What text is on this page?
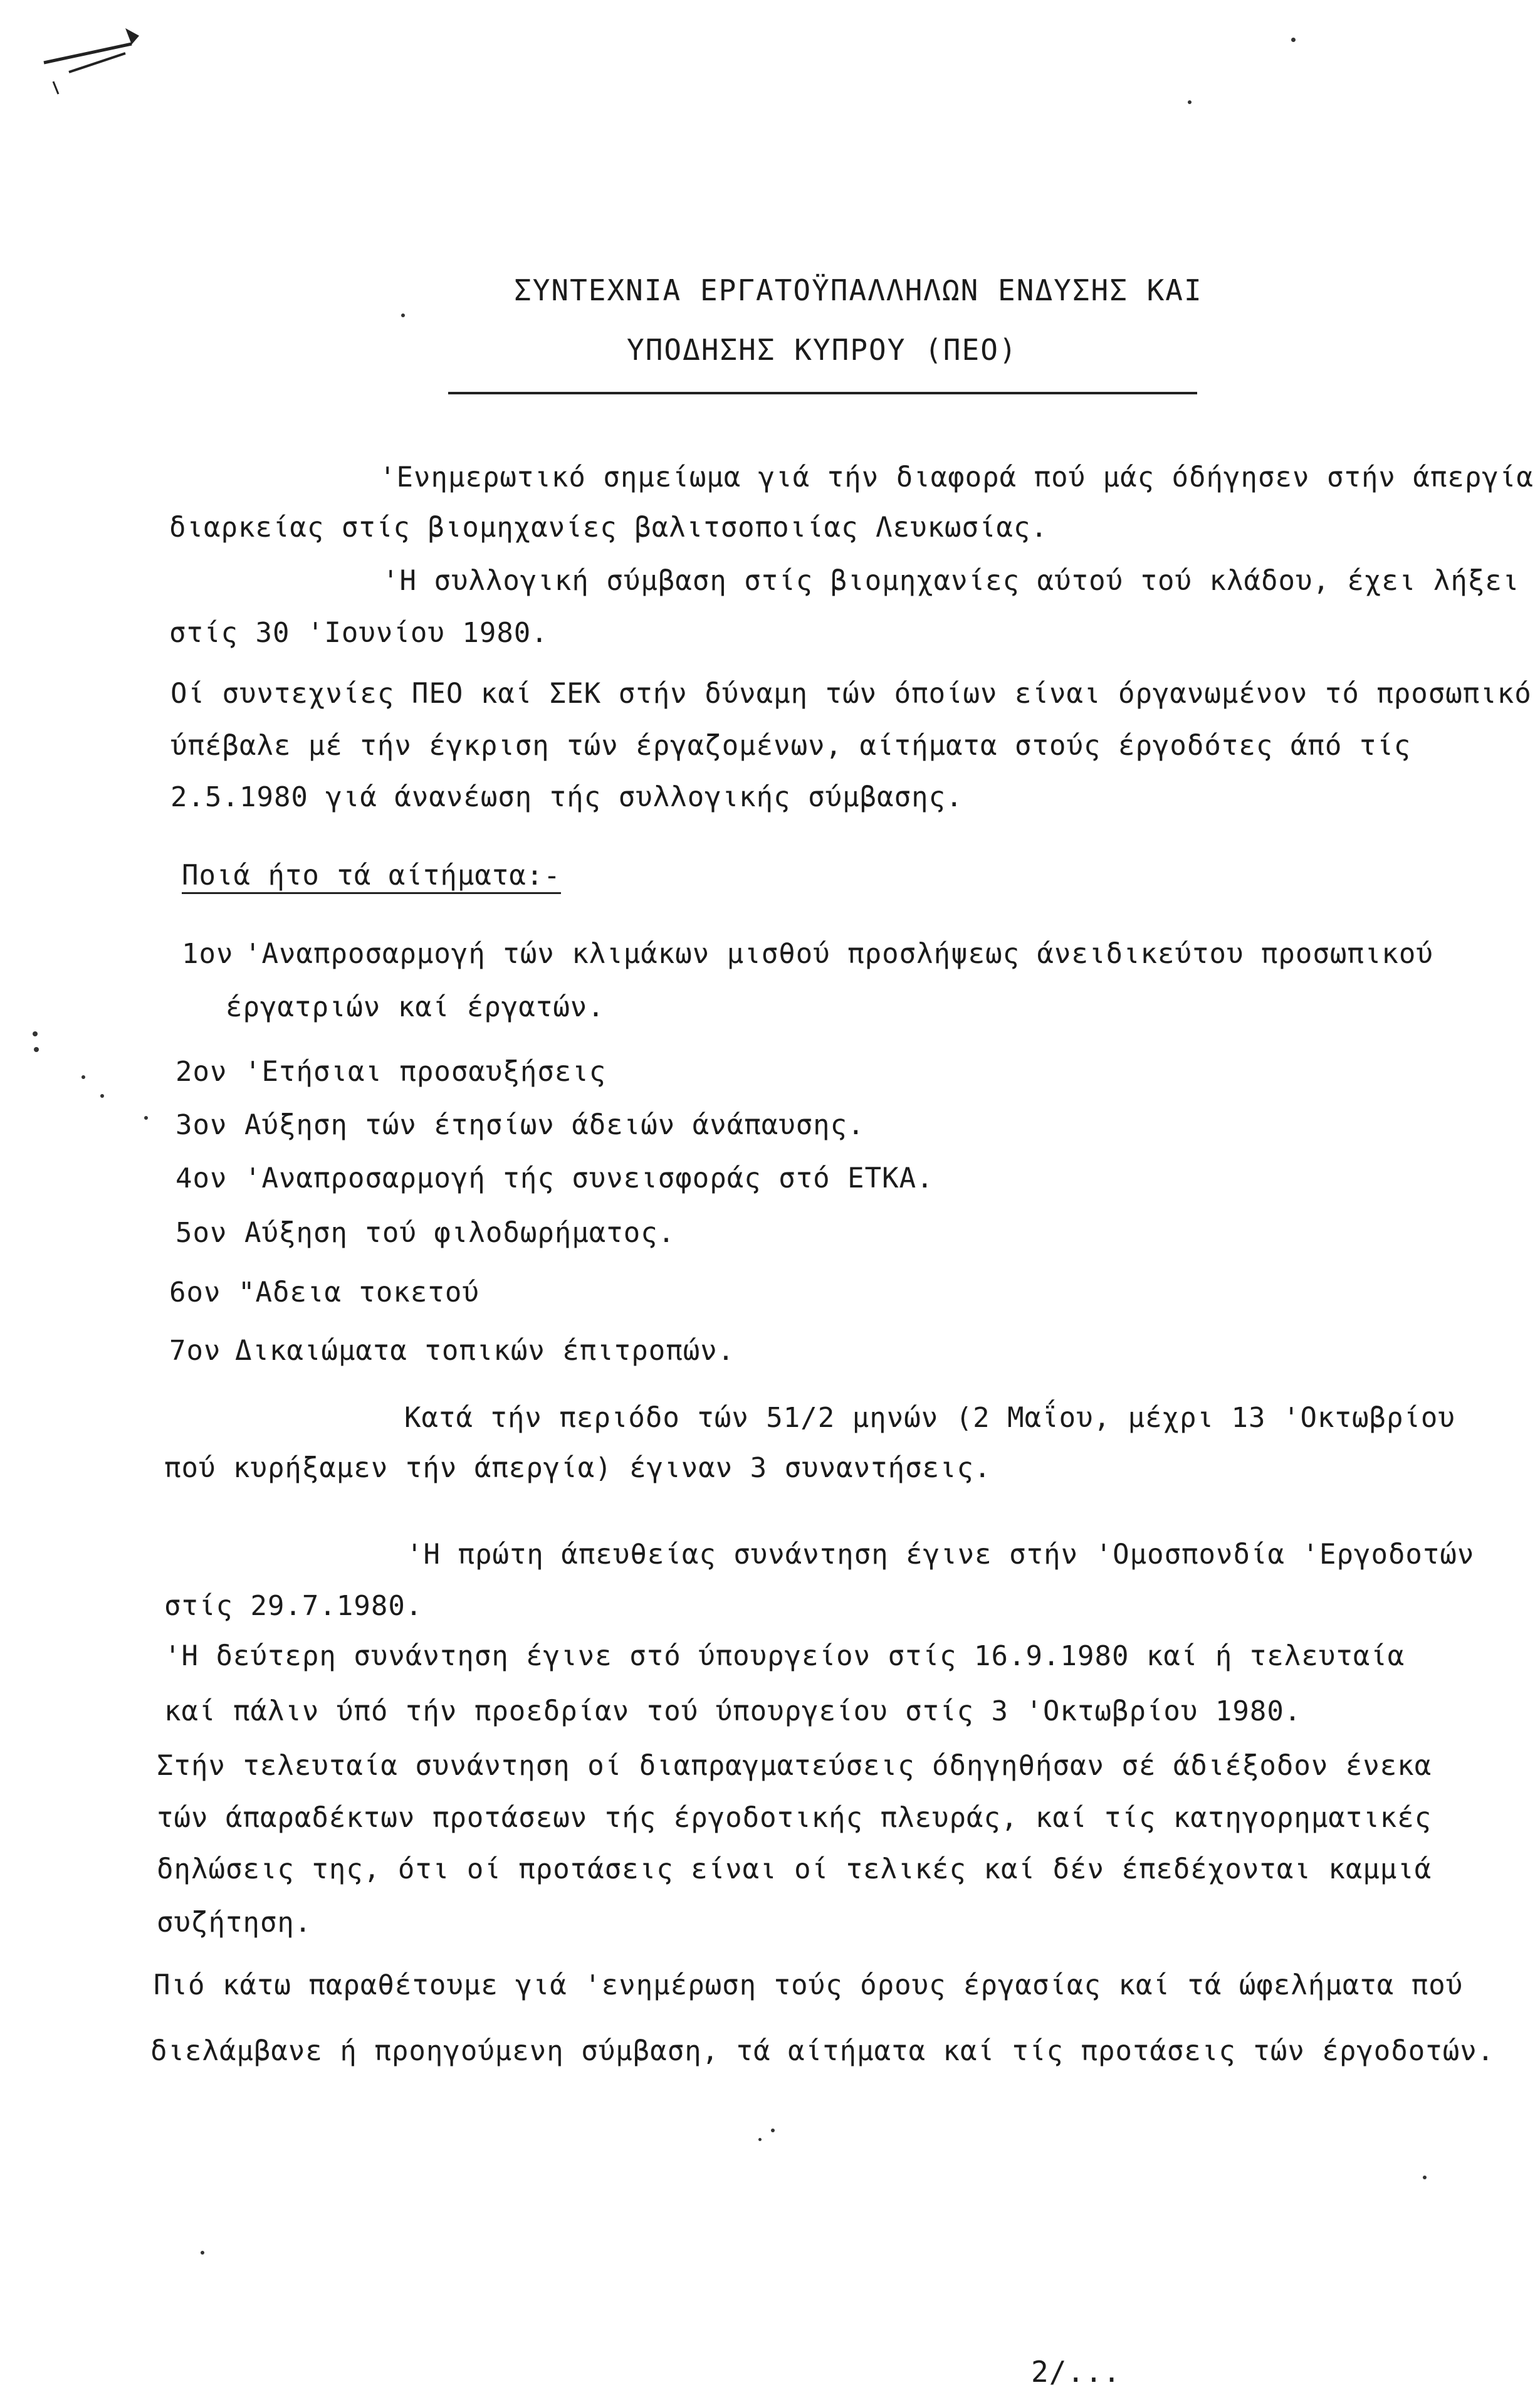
ΣΥΝΤΕΧΝΙΑ ΕΡΓΑΤΟΫΠΑΛΛΗΛΩΝ ΕΝΔΥΣΗΣ ΚΑΙ
ΥΠΟΔΗΣΗΣ ΚΥΠΡΟΥ (ΠΕΟ)
'Ενημερωτικό σημείωμα γιά τήν διαφορά πού μάς όδήγησεν στήν άπεργία
διαρκείας στίς βιομηχανίες βαλιτσοποιίας Λευκωσίας.
'Η συλλογική σύμβαση στίς βιομηχανίες αύτού τού κλάδου, έχει λήξει
στίς 30 'Ιουνίου 1980.
Οί συντεχνίες ΠΕΟ καί ΣΕΚ στήν δύναμη τών όποίων είναι όργανωμένον τό προσωπικό
ύπέβαλε μέ τήν έγκριση τών έργαζομένων, αίτήματα στούς έργοδότες άπό τίς
2.5.1980 γιά άνανέωση τής συλλογικής σύμβασης.
Ποιά ήτο τά αίτήματα:-
1ον 'Αναπροσαρμογή τών κλιμάκων μισθού προσλήψεως άνειδικεύτου προσωπικού
έργατριών καί έργατών.
2ον 'Ετήσιαι προσαυξήσεις
3ον Αύξηση τών έτησίων άδειών άνάπαυσης.
4ον 'Αναπροσαρμογή τής συνεισφοράς στό ΕΤΚΑ.
5ον Αύξηση τού φιλοδωρήματος.
6ον "Αδεια τοκετού
7ον Δικαιώματα τοπικών έπιτροπών.
Κατά τήν περιόδο τών 51/2 μηνών (2 Μαΐου, μέχρι 13 'Οκτωβρίου
πού κυρήξαμεν τήν άπεργία) έγιναν 3 συναντήσεις.
'Η πρώτη άπευθείας συνάντηση έγινε στήν 'Ομοσπονδία 'Εργοδοτών
στίς 29.7.1980.
'Η δεύτερη συνάντηση έγινε στό ύπουργείον στίς 16.9.1980 καί ή τελευταία
καί πάλιν ύπό τήν προεδρίαν τού ύπουργείου στίς 3 'Οκτωβρίου 1980.
Στήν τελευταία συνάντηση οί διαπραγματεύσεις όδηγηθήσαν σέ άδιέξοδον ένεκα
τών άπαραδέκτων προτάσεων τής έργοδοτικής πλευράς, καί τίς κατηγορηματικές
δηλώσεις της, ότι οί προτάσεις είναι οί τελικές καί δέν έπεδέχονται καμμιά
συζήτηση.
Πιό κάτω παραθέτουμε γιά 'ενημέρωση τούς όρους έργασίας καί τά ώφελήματα πού
διελάμβανε ή προηγούμενη σύμβαση, τά αίτήματα καί τίς προτάσεις τών έργοδοτών.
2/...
